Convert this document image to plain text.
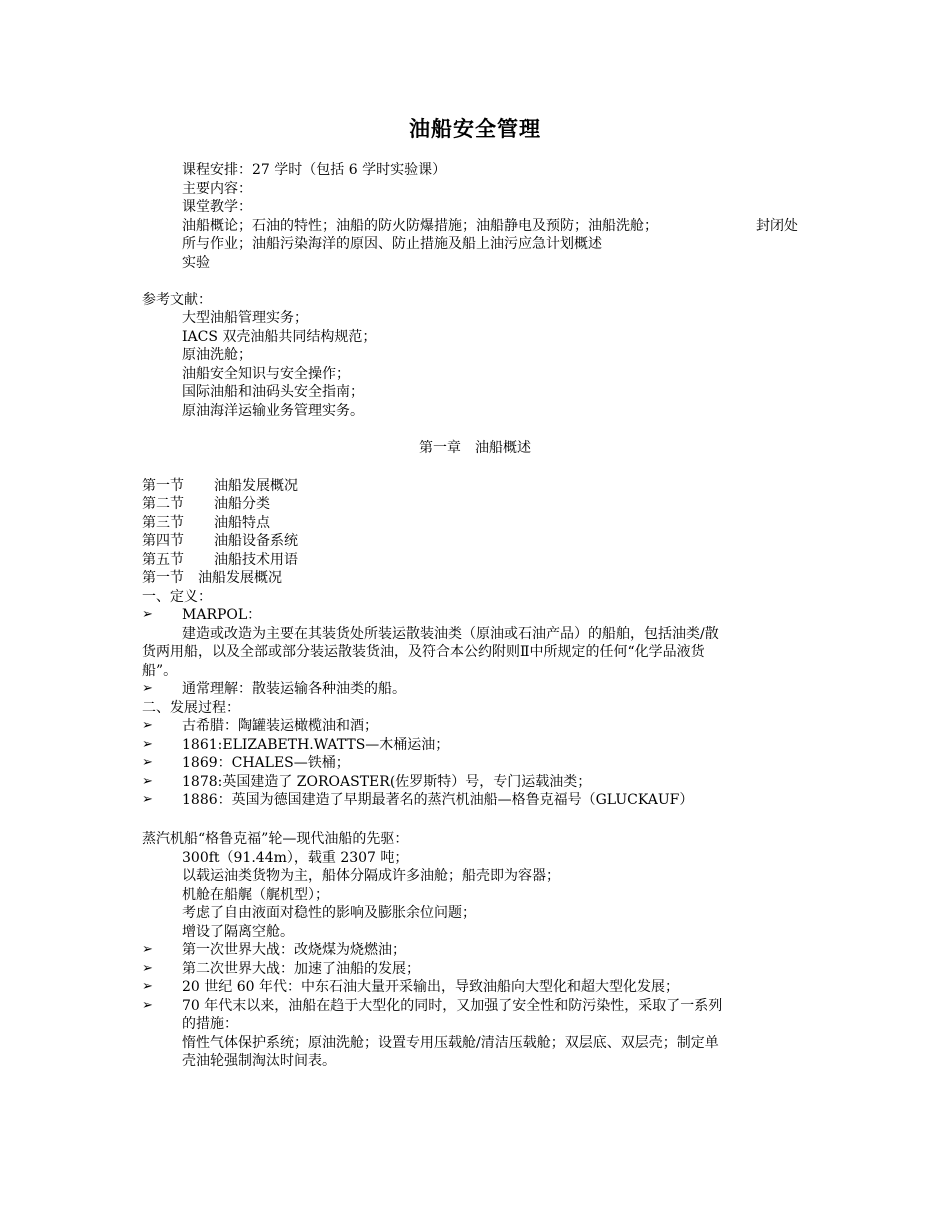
油船安全管理
课程安排：27 学时（包括 6 学时实验课）
主要内容：
课堂教学：
油船概论；石油的特性；油船的防火防爆措施；油船静电及预防；油船洗舱；	封闭处
所与作业；油船污染海洋的原因、防止措施及船上油污应急计划概述
实验
参考文献：
大型油船管理实务；
IACS 双壳油船共同结构规范；
原油洗舱；
油船安全知识与安全操作；
国际油船和油码头安全指南；
原油海洋运输业务管理实务。
第一章　油船概述
第一节 油船发展概况
第二节 油船分类
第三节 油船特点
第四节 油船设备系统
第五节 油船技术用语
第一节　油船发展概况
一、定义：
➢	MARPOL：
建造或改造为主要在其装货处所装运散装油类（原油或石油产品）的船舶，包括油类/散
货两用船，以及全部或部分装运散装货油，及符合本公约附则Ⅱ中所规定的任何“化学品液货
船”。
➢	通常理解：散装运输各种油类的船。
二、发展过程：
➢	古希腊：陶罐装运橄榄油和酒；
➢	1861:ELIZABETH.WATTS—木桶运油；
➢	1869：CHALES—铁桶；
➢	1878:英国建造了 ZOROASTER(佐罗斯特）号，专门运载油类；
➢	1886：英国为德国建造了早期最著名的蒸汽机油船—格鲁克福号（GLUCKAUF）
蒸汽机船“格鲁克福”轮—现代油船的先驱：
300ft（91.44m），载重 2307 吨；
以载运油类货物为主，船体分隔成许多油舱；船壳即为容器；
机舱在船艉（艉机型）；
考虑了自由液面对稳性的影响及膨胀余位问题；
增设了隔离空舱。
➢	第一次世界大战：改烧煤为烧燃油；
➢	第二次世界大战：加速了油船的发展；
➢	20 世纪 60 年代：中东石油大量开采输出，导致油船向大型化和超大型化发展；
➢	70 年代末以来，油船在趋于大型化的同时，又加强了安全性和防污染性，采取了一系列
的措施：
惰性气体保护系统；原油洗舱；设置专用压载舱/清洁压载舱；双层底、双层壳；制定单
壳油轮强制淘汰时间表。
